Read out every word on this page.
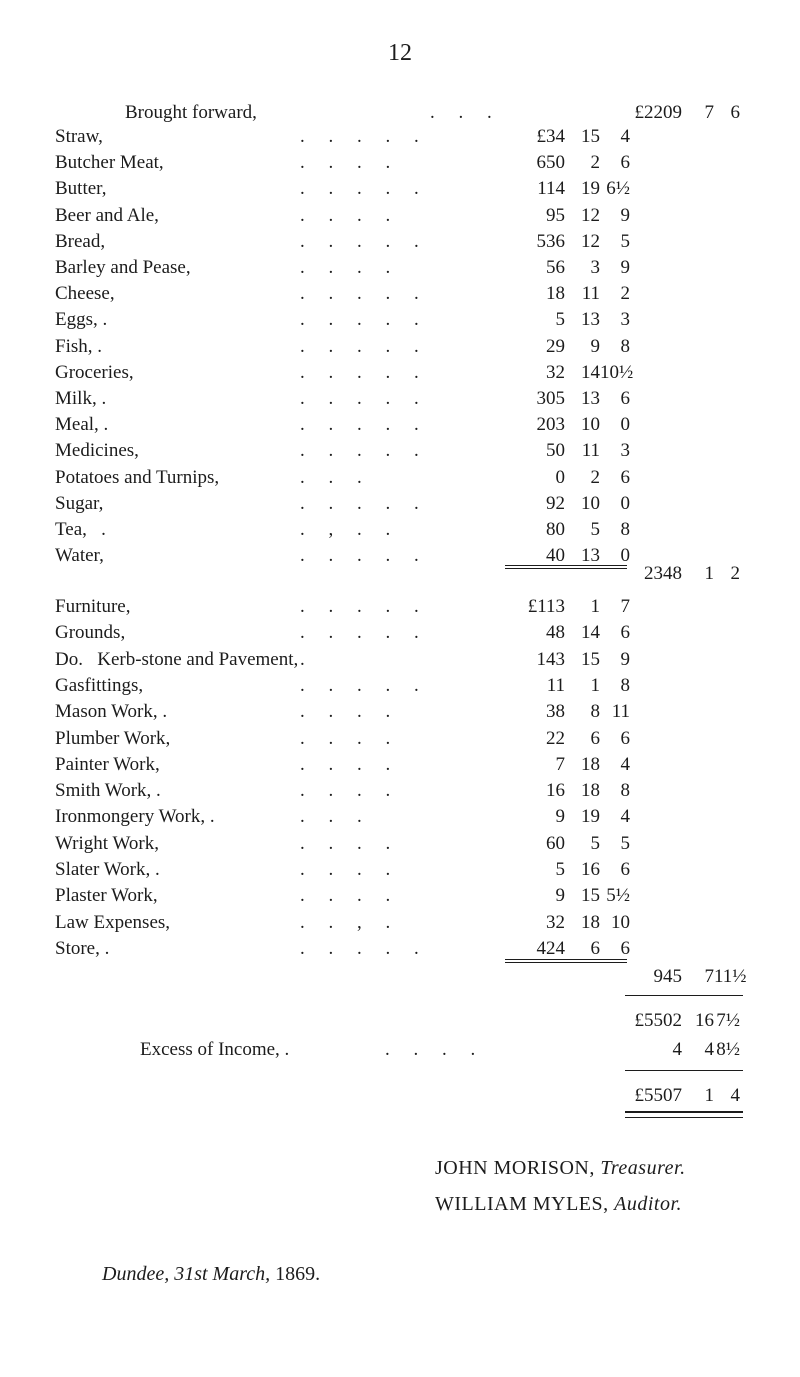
12
Brought forward,	.     .     .	£2209	7 6
Straw,	.     .     .     .     .	£34 15	4
Butcher Meat,	.     .     .     .	650	2	6
Butter,	.     .     .     .     .	114 19 6½
Beer and Ale,	.     .     .     .	95 12	9
Bread,	.     .     .     .     .	536 12	5
Barley and Pease,	.     .     .     .	56	3	9
Cheese,	.     .     .     .     .	18 11	2
Eggs, .	.     .     .     .     .	5 13	3
Fish, .	.     .     .     .     .	29	9	8
Groceries,	.     .     .     .     .	32 14 10½
Milk, .	.     .     .     .     .	305 13	6
Meal, .	.     .     .     .     .	203 10	0
Medicines,	.     .     .     .     .	50 11	3
Potatoes and Turnips,	.     .     .	0	2	6
Sugar,	.     .     .     .     .	92 10	0
Tea,   .	.     ,     .     .	80	5	8
Water,	.     .     .     .     .	40 13	0
2348	1 2
Furniture,	.     .     .     .     .	£113	1	7
Grounds,	.     .     .     .     .	48 14	6
Do.   Kerb-stone and Pavement, .	143 15	9
Gasfittings,	.     .     .     .     .	11	1	8
Mason Work, .	.     .     .     .	38	8 11
Plumber Work,	.     .     .     .	22	6	6
Painter Work,	.     .     .     .	7 18	4
Smith Work, .	.     .     .     .	16 18	8
Ironmongery Work, .	.     .     .	9 19	4
Wright Work,	.     .     .     .	60	5	5
Slater Work, .	.     .     .     .	5 16	6
Plaster Work,	.     .     .     .	9 15 5½
Law Expenses,	.     .     ,     .	32 18 10
Store, .	.     .     .     .     .	424	6	6
945	7 11½
£5502 16 7½
Excess of Income, .	.     .     .     .	4	4 8½
£5507	1 4
JOHN MORISON, Treasurer.
WILLIAM MYLES, Auditor.
Dundee, 31st March, 1869.
